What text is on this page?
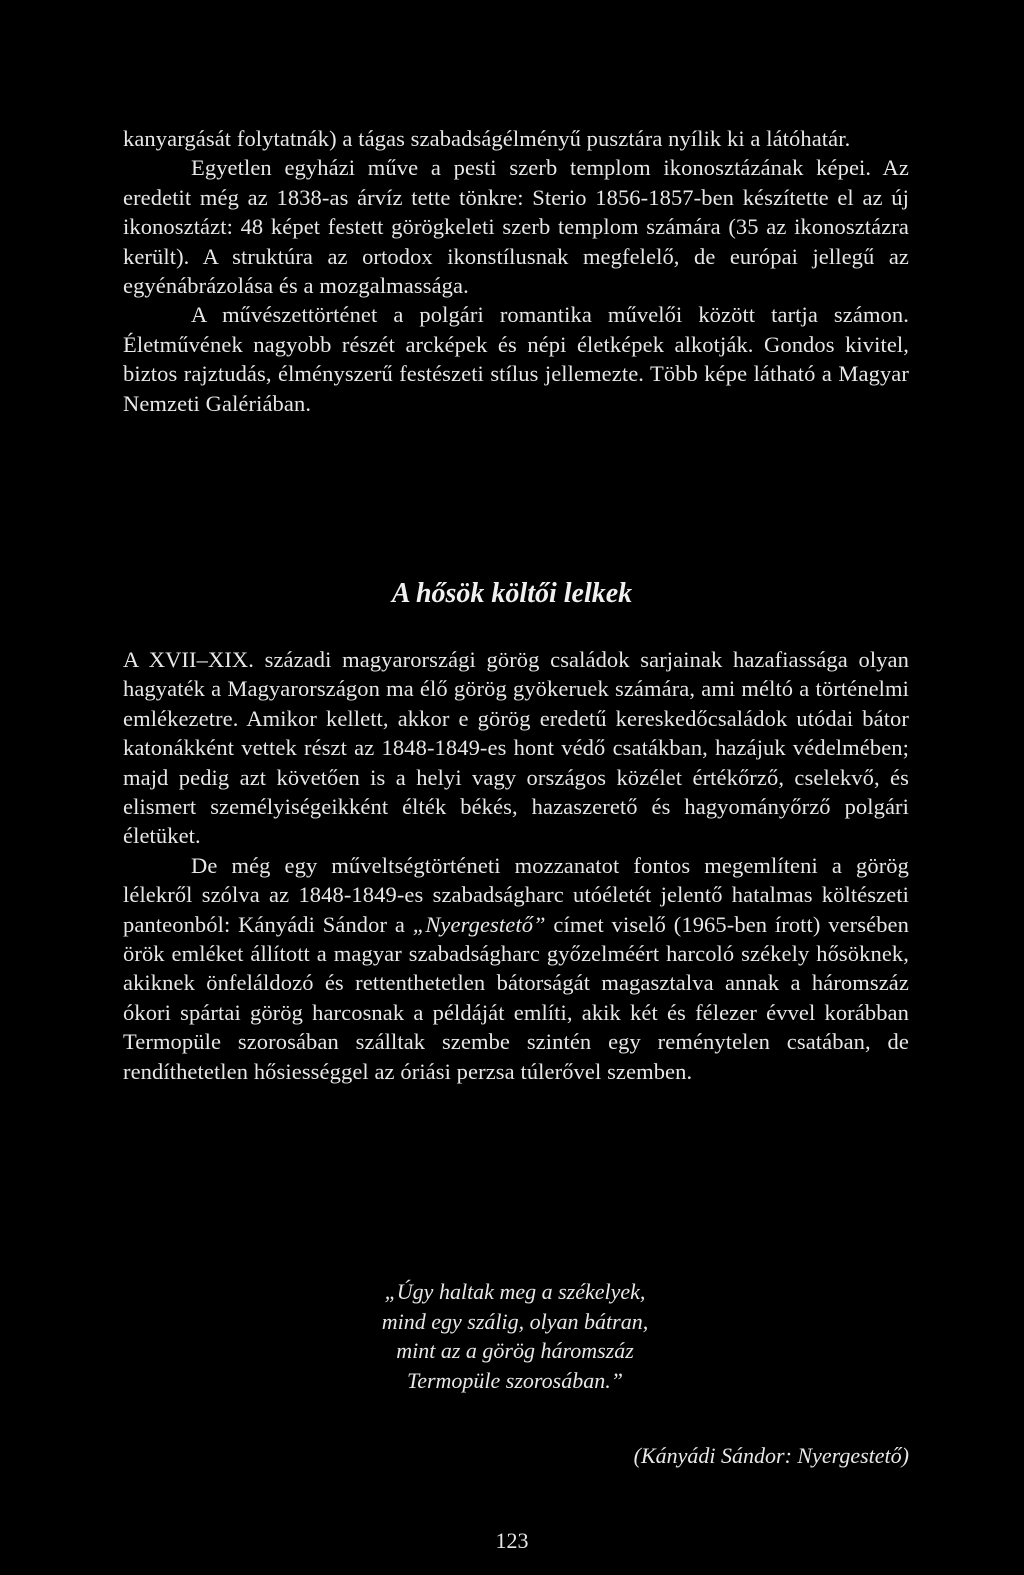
kanyargását folytatnák) a tágas szabadságélményű pusztára nyílik ki a látóhatár.

Egyetlen egyházi műve a pesti szerb templom ikonosztázának képei. Az eredetit még az 1838-as árvíz tette tönkre: Sterio 1856-1857-ben készítette el az új ikonosztázt: 48 képet festett görögkeleti szerb templom számára (35 az ikonosztázra került). A struktúra az ortodox ikonstílusnak megfelelő, de európai jellegű az egyénábrázolása és a mozgalmassága.

A művészettörténet a polgári romantika művelői között tartja számon. Életművének nagyobb részét arcképek és népi életképek alkotják. Gondos kivitel, biztos rajztudás, élményszerű festészeti stílus jellemezte. Több képe látható a Magyar Nemzeti Galériában.

A hősök költői lelkek

A XVII–XIX. századi magyarországi görög családok sarjainak hazafiassága olyan hagyaték a Magyarországon ma élő görög gyökeruek számára, ami méltó a történelmi emlékezetre. Amikor kellett, akkor e görög eredetű kereskedőcsaládok utódai bátor katonákként vettek részt az 1848-1849-es hont védő csatákban, hazájuk védelmében; majd pedig azt követően is a helyi vagy országos közélet értékőrző, cselekvő, és elismert személyiségeikként élték békés, hazaszerető és hagyományőrző polgári életüket.

De még egy műveltségtörténeti mozzanatot fontos megemlíteni a görög lélekről szólva az 1848-1849-es szabadságharc utóéletét jelentő hatalmas költészeti panteonból: Kányádi Sándor a „Nyergestető” címet viselő (1965-ben írott) versében örök emléket állított a magyar szabadságharc győzelméért harcoló székely hősöknek, akiknek önfeláldozó és rettenthetetlen bátorságát magasztalva annak a háromszáz ókori spártai görög harcosnak a példáját említi, akik két és félezer évvel korábban Termopüle szorosában szálltak szembe szintén egy reménytelen csatában, de rendíthetetlen hősiességgel az óriási perzsa túlerővel szemben.

„Úgy haltak meg a székelyek,
mind egy szálig, olyan bátran,
mint az a görög háromszáz
Termopüle szorosában.”
(Kányádi Sándor: Nyergestető)
123
